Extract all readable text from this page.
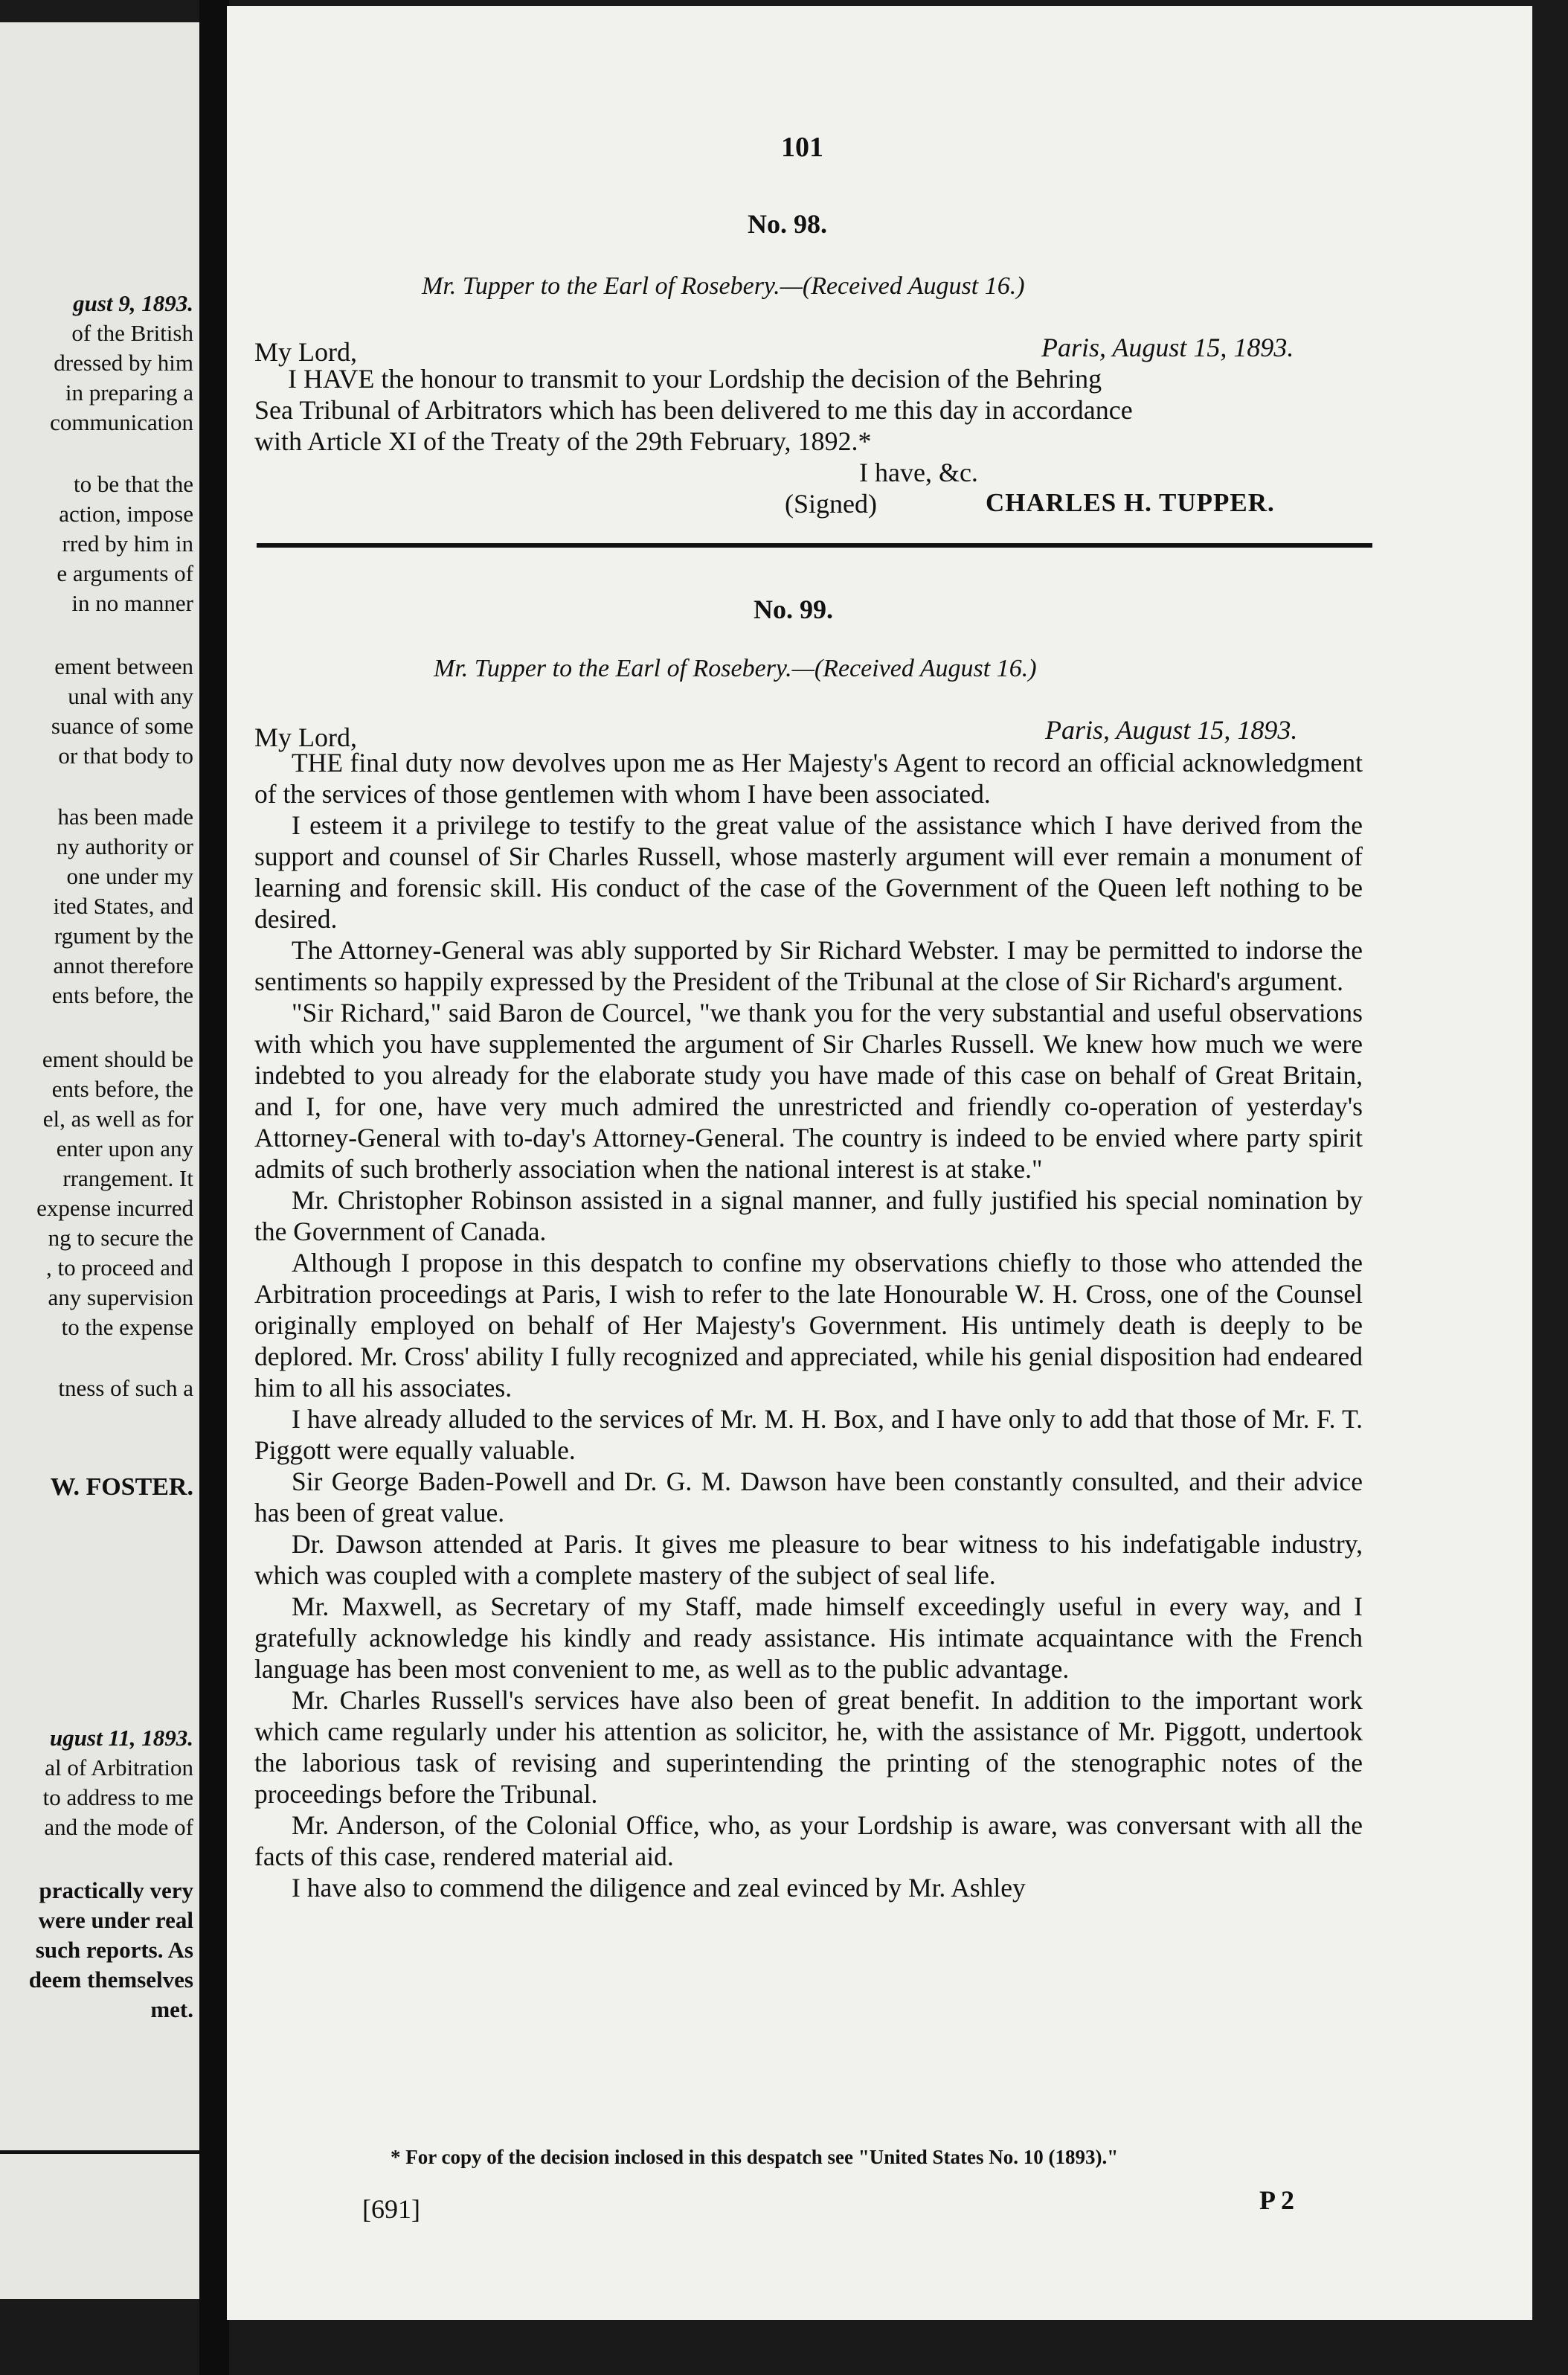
gust 9, 1893.
of the British
dressed by him
in preparing a
communication
to be that the
action, impose
rred by him in
e arguments of
in no manner
ement between
unal with any
suance of some
or that body to
has been made
ny authority or
one under my
ited States, and
rgument by the
annot therefore
ents before, the
ement should be
ents before, the
el, as well as for
enter upon any
rrangement. It
expense incurred
ng to secure the
, to proceed and
any supervision
to the expense
tness of such a
W. FOSTER.
ugust 11, 1893.
al of Arbitration
to address to me
and the mode of
practically very
were under real
such reports. As
deem themselves
met.
101
No. 98.
Mr. Tupper to the Earl of Rosebery.—(Received August 16.)
My Lord,	Paris, August 15, 1893.
I HAVE the honour to transmit to your Lordship the decision of the Behring
Sea Tribunal of Arbitrators which has been delivered to me this day in accordance
with Article XI of the Treaty of the 29th February, 1892.*
I have, &c.
(Signed)	CHARLES H. TUPPER.
No. 99.
Mr. Tupper to the Earl of Rosebery.—(Received August 16.)
My Lord,	Paris, August 15, 1893.

THE final duty now devolves upon me as Her Majesty's Agent to record an official acknowledgment of the services of those gentlemen with whom I have been associated.

I esteem it a privilege to testify to the great value of the assistance which I have derived from the support and counsel of Sir Charles Russell, whose masterly argument will ever remain a monument of learning and forensic skill. His conduct of the case of the Government of the Queen left nothing to be desired.

The Attorney-General was ably supported by Sir Richard Webster. I may be permitted to indorse the sentiments so happily expressed by the President of the Tribunal at the close of Sir Richard's argument.

"Sir Richard," said Baron de Courcel, "we thank you for the very substantial and useful observations with which you have supplemented the argument of Sir Charles Russell. We knew how much we were indebted to you already for the elaborate study you have made of this case on behalf of Great Britain, and I, for one, have very much admired the unrestricted and friendly co-operation of yesterday's Attorney-General with to-day's Attorney-General. The country is indeed to be envied where party spirit admits of such brotherly association when the national interest is at stake."

Mr. Christopher Robinson assisted in a signal manner, and fully justified his special nomination by the Government of Canada.

Although I propose in this despatch to confine my observations chiefly to those who attended the Arbitration proceedings at Paris, I wish to refer to the late Honourable W. H. Cross, one of the Counsel originally employed on behalf of Her Majesty's Government. His untimely death is deeply to be deplored. Mr. Cross' ability I fully recognized and appreciated, while his genial disposition had endeared him to all his associates.

I have already alluded to the services of Mr. M. H. Box, and I have only to add that those of Mr. F. T. Piggott were equally valuable.

Sir George Baden-Powell and Dr. G. M. Dawson have been constantly consulted, and their advice has been of great value.

Dr. Dawson attended at Paris. It gives me pleasure to bear witness to his indefatigable industry, which was coupled with a complete mastery of the subject of seal life.

Mr. Maxwell, as Secretary of my Staff, made himself exceedingly useful in every way, and I gratefully acknowledge his kindly and ready assistance. His intimate acquaintance with the French language has been most convenient to me, as well as to the public advantage.

Mr. Charles Russell's services have also been of great benefit. In addition to the important work which came regularly under his attention as solicitor, he, with the assistance of Mr. Piggott, undertook the laborious task of revising and superintending the printing of the stenographic notes of the proceedings before the Tribunal.

Mr. Anderson, of the Colonial Office, who, as your Lordship is aware, was conversant with all the facts of this case, rendered material aid.

I have also to commend the diligence and zeal evinced by Mr. Ashley

* For copy of the decision inclosed in this despatch see "United States No. 10 (1893)."
[691]	P 2
